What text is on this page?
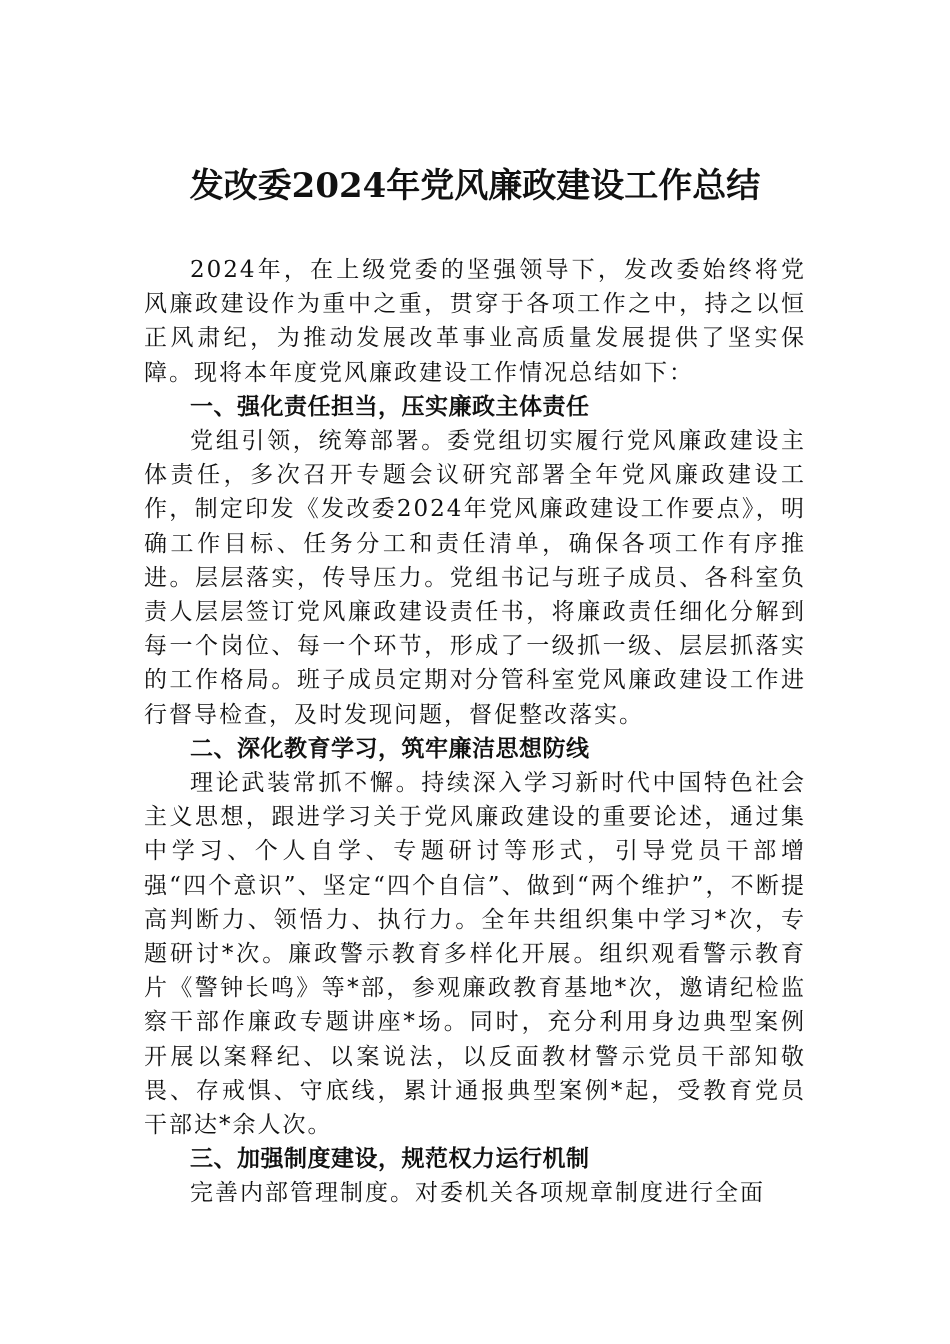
发改委2024年党风廉政建设工作总结

2024年，在上级党委的坚强领导下，发改委始终将党风廉政建设作为重中之重，贯穿于各项工作之中，持之以恒正风肃纪，为推动发展改革事业高质量发展提供了坚实保障。现将本年度党风廉政建设工作情况总结如下：

一、强化责任担当，压实廉政主体责任

党组引领，统筹部署。委党组切实履行党风廉政建设主体责任，多次召开专题会议研究部署全年党风廉政建设工作，制定印发《发改委2024年党风廉政建设工作要点》，明确工作目标、任务分工和责任清单，确保各项工作有序推进。层层落实，传导压力。党组书记与班子成员、各科室负责人层层签订党风廉政建设责任书，将廉政责任细化分解到每一个岗位、每一个环节，形成了一级抓一级、层层抓落实的工作格局。班子成员定期对分管科室党风廉政建设工作进行督导检查，及时发现问题，督促整改落实。

二、深化教育学习，筑牢廉洁思想防线

理论武装常抓不懈。持续深入学习新时代中国特色社会主义思想，跟进学习关于党风廉政建设的重要论述，通过集中学习、个人自学、专题研讨等形式，引导党员干部增强“四个意识”、坚定“四个自信”、做到“两个维护”，不断提高判断力、领悟力、执行力。全年共组织集中学习*次，专题研讨*次。廉政警示教育多样化开展。组织观看警示教育片《警钟长鸣》等*部，参观廉政教育基地*次，邀请纪检监察干部作廉政专题讲座*场。同时，充分利用身边典型案例开展以案释纪、以案说法，以反面教材警示党员干部知敬畏、存戒惧、守底线，累计通报典型案例*起，受教育党员干部达*余人次。

三、加强制度建设，规范权力运行机制

完善内部管理制度。对委机关各项规章制度进行全面
